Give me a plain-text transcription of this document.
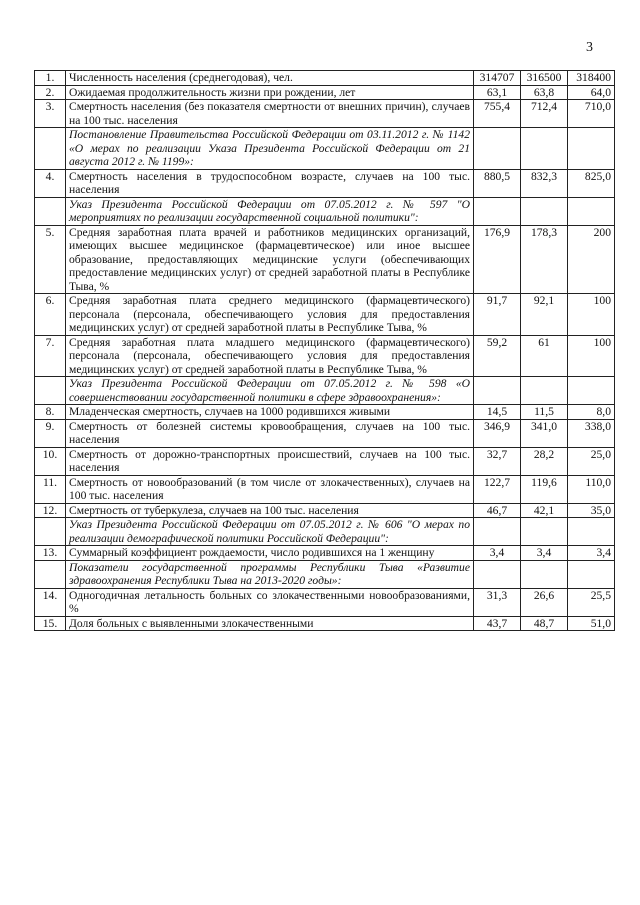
3
1.	Численность населения (среднегодовая), чел.	314707	316500	318400
2.	Ожидаемая продолжительность жизни при рождении, лет	63,1	63,8	64,0
3.	Смертность населения (без показателя смертности от внешних причин), случаев на 100 тыс. населения	755,4	712,4	710,0
	Постановление Правительства Российской Федерации от 03.11.2012 г. № 1142 «О мерах по реализации Указа Президента Российской Федерации от 21 августа 2012 г. № 1199»:			
4.	Смертность населения в трудоспособном возрасте, случаев на 100 тыс. населения	880,5	832,3	825,0
	Указ Президента Российской Федерации от 07.05.2012 г. № 597 "О мероприятиях по реализации государственной социальной политики":			
5.	Средняя заработная плата врачей и работников медицинских организаций, имеющих высшее медицинское (фармацевтическое) или иное высшее образование, предоставляющих медицинские услуги (обеспечивающих предоставление медицинских услуг) от средней заработной платы в Республике Тыва, %	176,9	178,3	200
6.	Средняя заработная плата среднего медицинского (фармацевтического) персонала (персонала, обеспечивающего условия для предоставления медицинских услуг) от средней заработной платы в Республике Тыва, %	91,7	92,1	100
7.	Средняя заработная плата младшего медицинского (фармацевтического) персонала (персонала, обеспечивающего условия для предоставления медицинских услуг) от средней заработной платы в Республике Тыва, %	59,2	61	100
	Указ Президента Российской Федерации от 07.05.2012 г. № 598 «О совершенствовании государственной политики в сфере здравоохранения»:			
8.	Младенческая смертность, случаев на 1000 родившихся живыми	14,5	11,5	8,0
9.	Смертность от болезней системы кровообращения, случаев на 100 тыс. населения	346,9	341,0	338,0
10.	Смертность от дорожно-транспортных происшествий, случаев на 100 тыс. населения	32,7	28,2	25,0
11.	Смертность от новообразований (в том числе от злокачественных), случаев на 100 тыс. населения	122,7	119,6	110,0
12.	Смертность от туберкулеза, случаев на 100 тыс. населения	46,7	42,1	35,0
	Указ Президента Российской Федерации от 07.05.2012 г. № 606 "О мерах по реализации демографической политики Российской Федерации":			
13.	Суммарный коэффициент рождаемости, число родившихся на 1 женщину	3,4	3,4	3,4
	Показатели государственной программы Республики Тыва «Развитие здравоохранения Республики Тыва на 2013-2020 годы»:			
14.	Одногодичная летальность больных со злокачественными новообразованиями, %	31,3	26,6	25,5
15.	Доля больных с выявленными злокачественными	43,7	48,7	51,0
